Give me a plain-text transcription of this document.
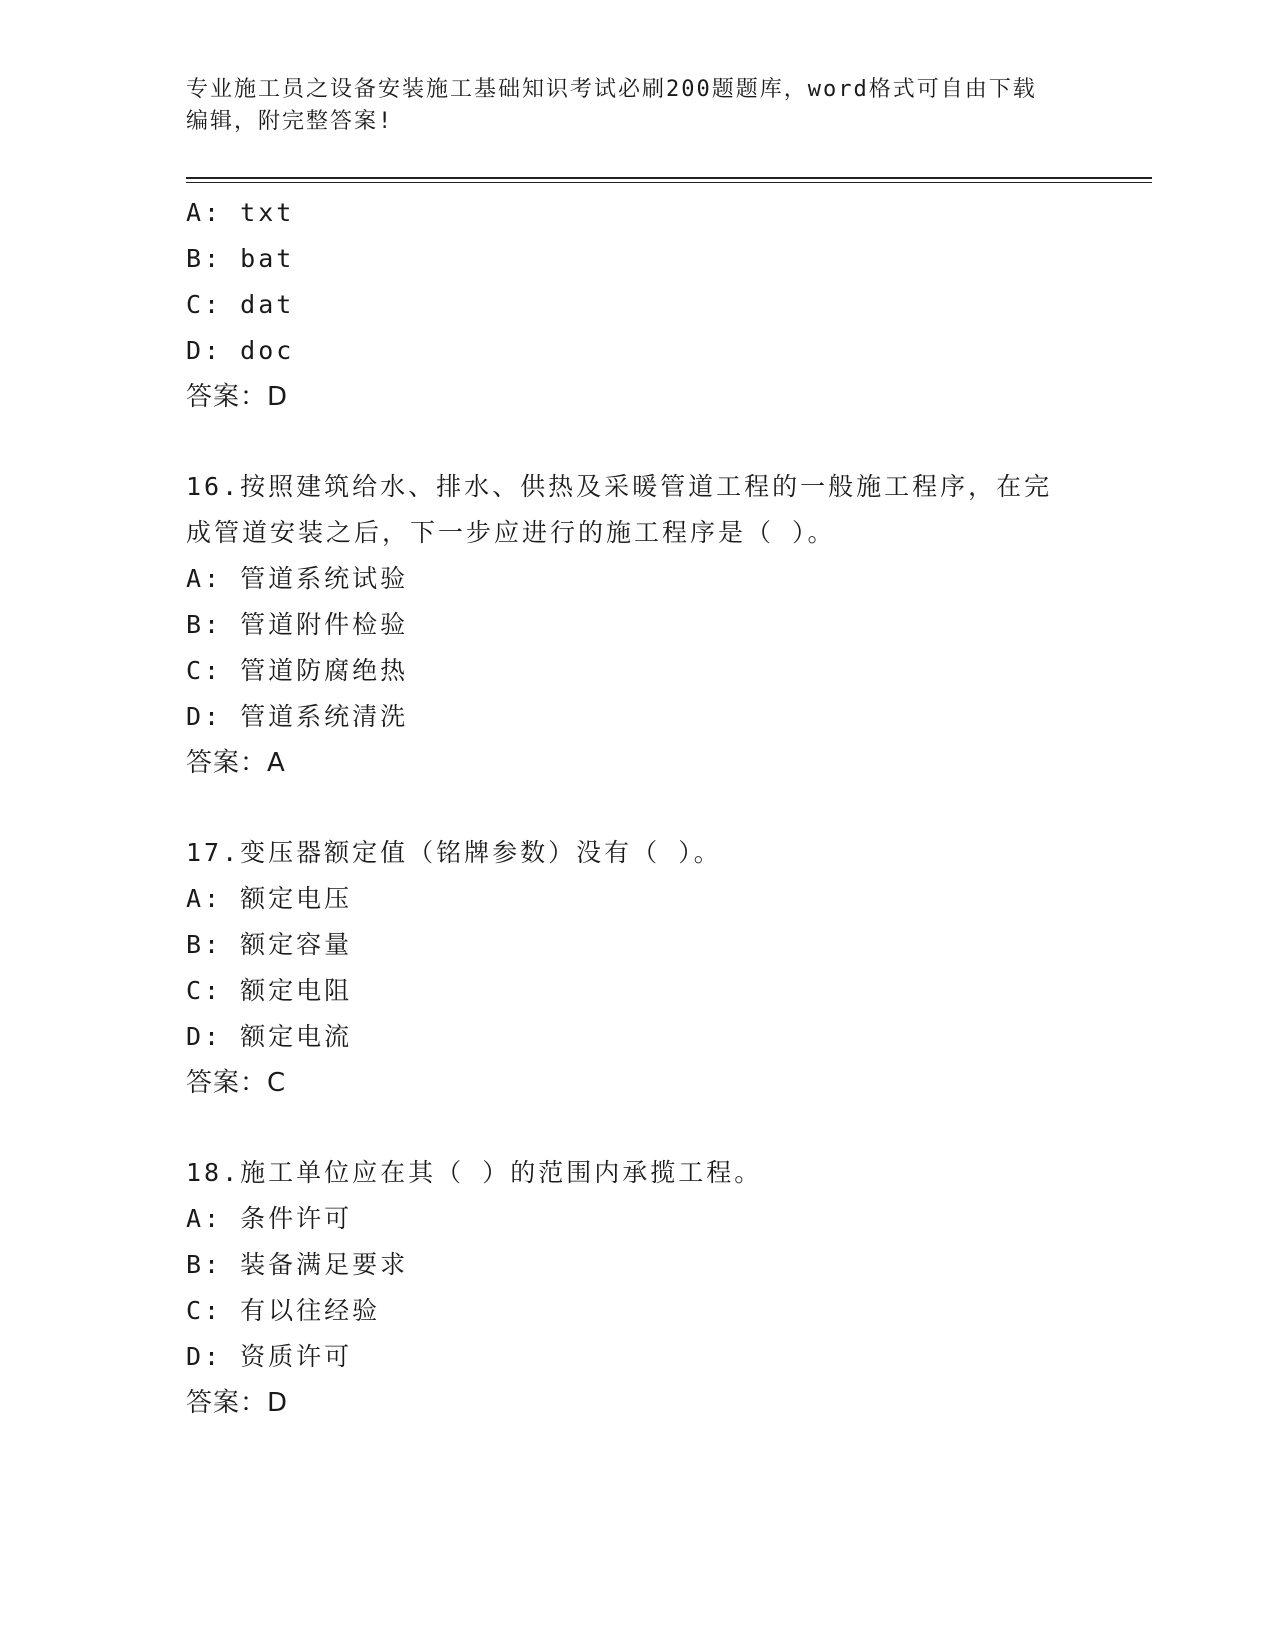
专业施工员之设备安装施工基础知识考试必刷200题题库，word格式可自由下载
编辑，附完整答案!
A: txt
B: bat
C: dat
D: doc
答案：D
16.按照建筑给水、排水、供热及采暖管道工程的一般施工程序，在完
成管道安装之后，下一步应进行的施工程序是（ ）。
A: 管道系统试验
B: 管道附件检验
C: 管道防腐绝热
D: 管道系统清洗
答案：A
17.变压器额定值（铭牌参数）没有（ ）。
A: 额定电压
B: 额定容量
C: 额定电阻
D: 额定电流
答案：C
18.施工单位应在其（ ）的范围内承揽工程。
A: 条件许可
B: 装备满足要求
C: 有以往经验
D: 资质许可
答案：D
